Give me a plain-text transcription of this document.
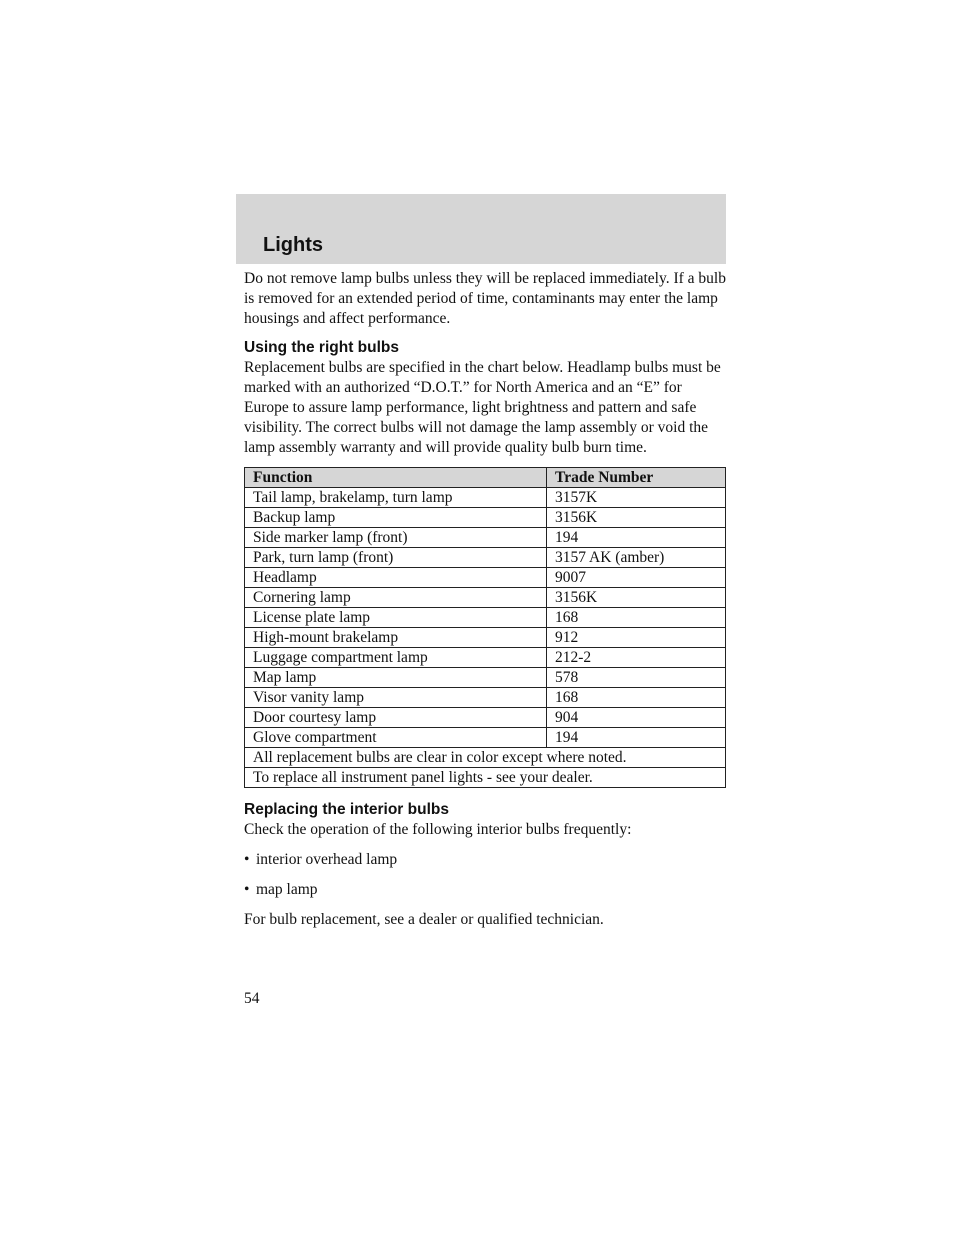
Lights

Do not remove lamp bulbs unless they will be replaced immediately. If a bulb is removed for an extended period of time, contaminants may enter the lamp housings and affect performance.

Using the right bulbs

Replacement bulbs are specified in the chart below. Headlamp bulbs must be marked with an authorized “D.O.T.” for North America and an “E” for Europe to assure lamp performance, light brightness and pattern and safe visibility. The correct bulbs will not damage the lamp assembly or void the lamp assembly warranty and will provide quality bulb burn time.

Function	Trade Number
Tail lamp, brakelamp, turn lamp	3157K
Backup lamp	3156K
Side marker lamp (front)	194
Park, turn lamp (front)	3157 AK (amber)
Headlamp	9007
Cornering lamp	3156K
License plate lamp	168
High-mount brakelamp	912
Luggage compartment lamp	212-2
Map lamp	578
Visor vanity lamp	168
Door courtesy lamp	904
Glove compartment	194
All replacement bulbs are clear in color except where noted.	
To replace all instrument panel lights - see your dealer.	

Replacing the interior bulbs

Check the operation of the following interior bulbs frequently:

• interior overhead lamp
• map lamp

For bulb replacement, see a dealer or qualified technician.

54
